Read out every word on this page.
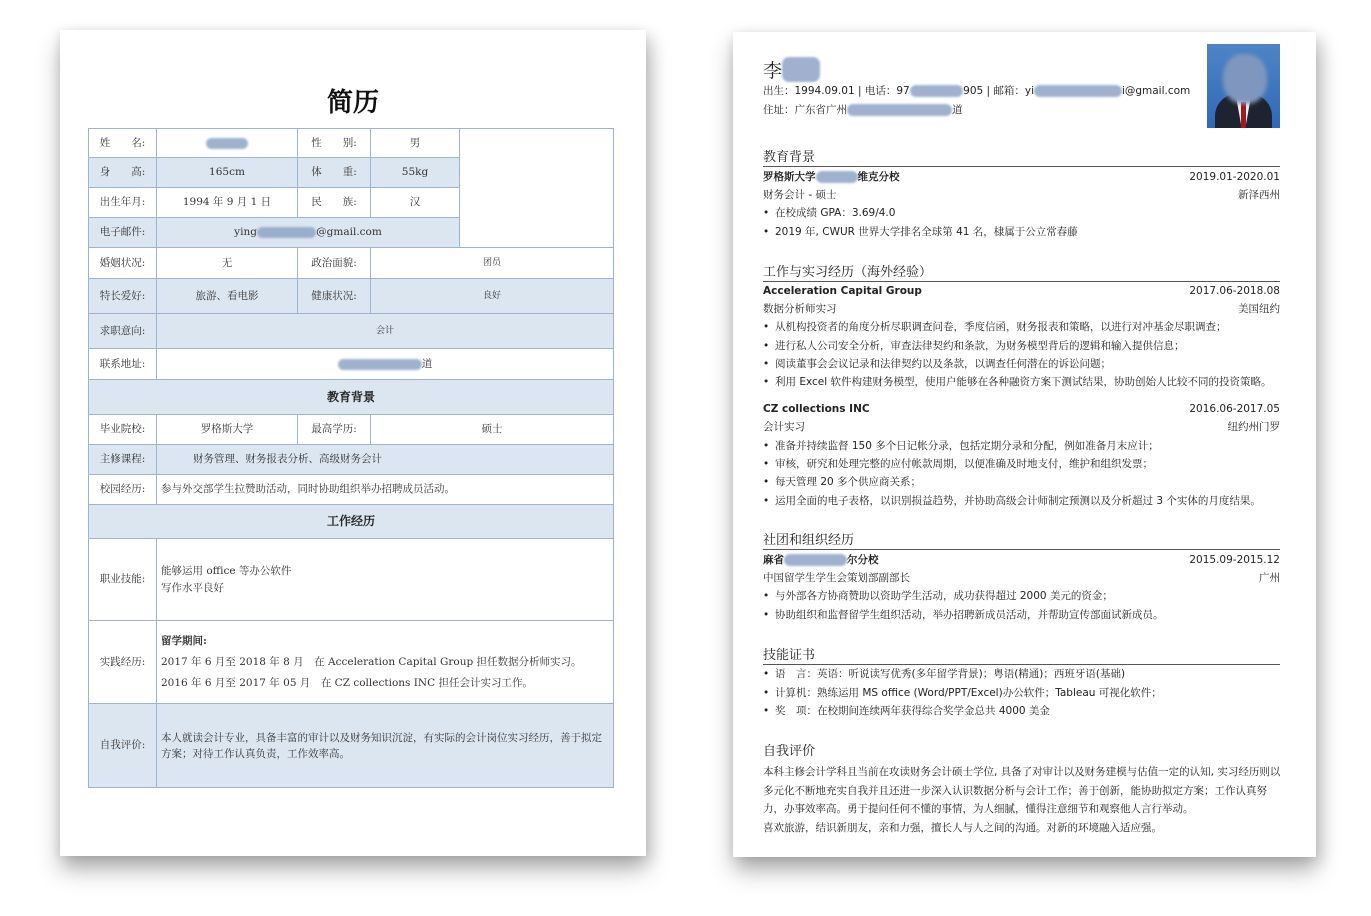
简历
姓　　名:		性　　别:	男	
身　　高:	165cm	体　　重:	55kg	
出生年月:	1994 年 9 月 1 日	民　　族:	汉	
电子邮件:	ying @gmail.com			
婚姻状况:	无	政治面貌:	团员	
特长爱好:	旅游、看电影	健康状况:	良好	
求职意向:	会计			
联系地址:	道			
教育背景				
毕业院校:	罗格斯大学	最高学历:	硕士	
主修课程:	财务管理、财务报表分析、高级财务会计			
校园经历:	参与外交部学生拉赞助活动，同时协助组织举办招聘成员活动。			
工作经历				
职业技能:	能够运用 office 等办公软件
写作水平良好			

实践经历:	留学期间:
2017 年 6 月至 2018 年 8 月　在 Acceleration Capital Group 担任数据分析师实习。
2016 年 6 月至 2017 年 05 月　在 CZ collections INC 担任会计实习工作。			

自我评价:	本人就读会计专业，具备丰富的审计以及财务知识沉淀，有实际的会计岗位实习经历，善于拟定方案；对待工作认真负责，工作效率高。			
李
出生：1994.09.01 | 电话：97	905 | 邮箱：yi	i@gmail.com
住址：广东省广州	道
教育背景
罗格斯大学	维克分校	2019.01-2020.01
财务会计 - 硕士	新泽西州
• 在校成绩 GPA：3.69/4.0
• 2019 年, CWUR 世界大学排名全球第 41 名，棣属于公立常春藤
工作与实习经历（海外经验）
Acceleration Capital Group	2017.06-2018.08
数据分析师实习	美国纽约
• 从机构投资者的角度分析尽职调查问卷，季度信函，财务报表和策略，以进行对冲基金尽职调查；
• 进行私人公司安全分析，审查法律契约和条款，为财务模型背后的逻辑和输入提供信息；
• 阅读董事会会议记录和法律契约以及条款，以调查任何潜在的诉讼问题；
• 利用 Excel 软件构建财务模型，使用户能够在各种融资方案下测试结果，协助创始人比较不同的投资策略。
CZ collections INC	2016.06-2017.05
会计实习	纽约州门罗
• 准备并持续监督 150 多个日记帐分录，包括定期分录和分配，例如准备月末应计；
• 审核，研究和处理完整的应付帐款周期，以便准确及时地支付，维护和组织发票；
• 每天管理 20 多个供应商关系；
• 运用全面的电子表格，以识别损益趋势，并协助高级会计师制定预测以及分析超过 3 个实体的月度结果。
社团和组织经历
麻省	尔分校	2015.09-2015.12
中国留学生学生会策划部副部长	广州
• 与外部各方协商赞助以资助学生活动，成功获得超过 2000 美元的资金；
• 协助组织和监督留学生组织活动，举办招聘新成员活动，并帮助宣传部面试新成员。
技能证书
• 语　言：英语：听说读写优秀(多年留学背景)；粤语(精通)；西班牙语(基础)
• 计算机：熟练运用 MS office (Word/PPT/Excel)办公软件；Tableau 可视化软件；
• 奖　项：在校期间连续两年获得综合奖学金总共 4000 美金
自我评价
本科主修会计学科且当前在攻读财务会计硕士学位, 具备了对审计以及财务建模与估值一定的认知, 实习经历则以多元化不断地充实自我并且还进一步深入认识数据分析与会计工作；善于创新，能协助拟定方案；工作认真努力，办事效率高。勇于提问任何不懂的事情，为人细腻，懂得注意细节和观察他人言行举动。
喜欢旅游，结识新朋友，亲和力强，擅长人与人之间的沟通。对新的环境融入适应强。
